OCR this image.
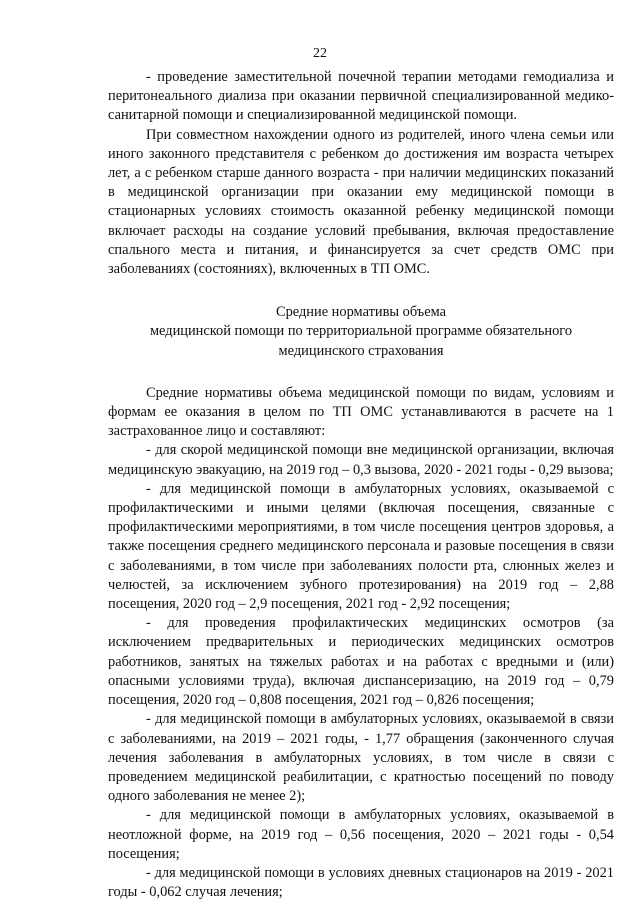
22

- проведение заместительной почечной терапии методами гемодиализа и перитонеального диализа при оказании первичной специализированной медико-санитарной помощи и специализированной медицинской помощи.

При совместном нахождении одного из родителей, иного члена семьи или иного законного представителя с ребенком до достижения им возраста четырех лет, а с ребенком старше данного возраста - при наличии медицинских показаний в медицинской организации при оказании ему медицинской помощи в стационарных условиях стоимость оказанной ребенку медицинской помощи включает расходы на создание условий пребывания, включая предоставление спального места и питания, и финансируется за счет средств ОМС при заболеваниях (состояниях), включенных в ТП ОМС.

Средние нормативы объема
медицинской помощи по территориальной программе обязательного
медицинского страхования

Средние нормативы объема медицинской помощи по видам, условиям и формам ее оказания в целом по ТП ОМС устанавливаются в расчете на 1 застрахованное лицо и составляют:

- для скорой медицинской помощи вне медицинской организации, включая медицинскую эвакуацию, на 2019 год – 0,3 вызова, 2020 - 2021 годы - 0,29 вызова;

- для медицинской помощи в амбулаторных условиях, оказываемой с профилактическими и иными целями (включая посещения, связанные с профилактическими мероприятиями, в том числе посещения центров здоровья, а также посещения среднего медицинского персонала и разовые посещения в связи с заболеваниями, в том числе при заболеваниях полости рта, слюнных желез и челюстей, за исключением зубного протезирования) на 2019 год – 2,88 посещения, 2020 год – 2,9 посещения, 2021 год - 2,92 посещения;

- для проведения профилактических медицинских осмотров (за исключением предварительных и периодических медицинских осмотров работников, занятых на тяжелых работах и на работах с вредными и (или) опасными условиями труда), включая диспансеризацию, на 2019 год – 0,79 посещения, 2020 год – 0,808 посещения, 2021 год – 0,826 посещения;

- для медицинской помощи в амбулаторных условиях, оказываемой в связи с заболеваниями, на 2019 – 2021 годы, - 1,77 обращения (законченного случая лечения заболевания в амбулаторных условиях, в том числе в связи с проведением медицинской реабилитации, с кратностью посещений по поводу одного заболевания не менее 2);

- для медицинской помощи в амбулаторных условиях, оказываемой в неотложной форме, на 2019 год – 0,56 посещения, 2020 – 2021 годы - 0,54 посещения;

- для медицинской помощи в условиях дневных стационаров на 2019 - 2021 годы - 0,062 случая лечения;
